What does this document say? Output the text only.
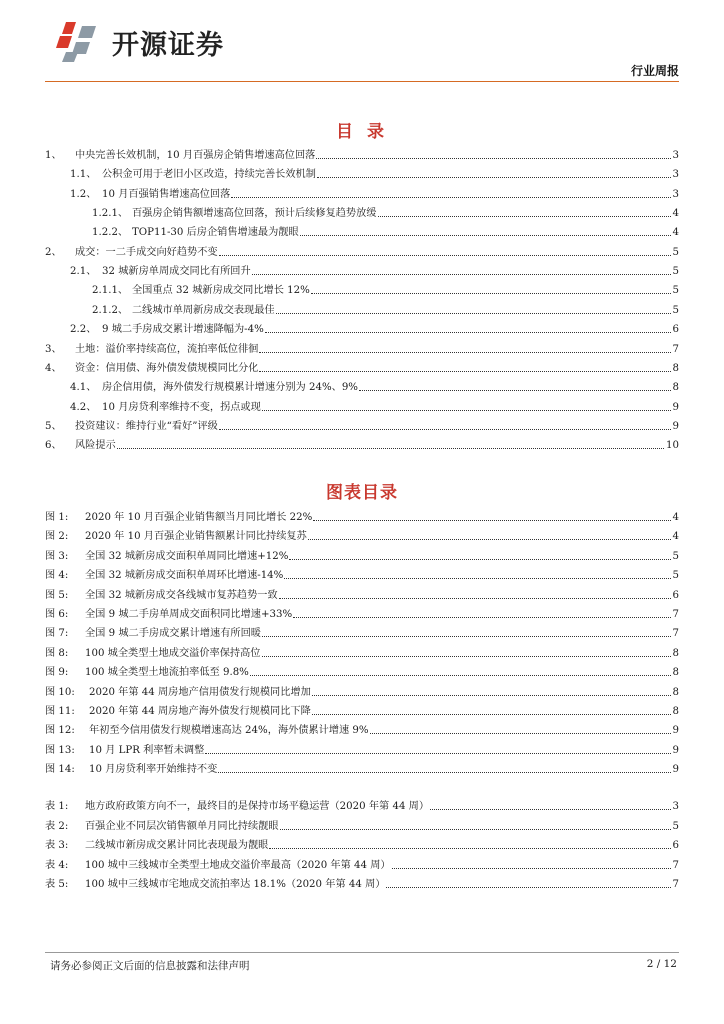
开源证券
行业周报
目 录
1、	中央完善长效机制，10 月百强房企销售增速高位回落	3
1.1、 公积金可用于老旧小区改造，持续完善长效机制	3
1.2、 10 月百强销售增速高位回落	3
1.2.1、 百强房企销售额增速高位回落，预计后续修复趋势放缓	4
1.2.2、 TOP11-30 后房企销售增速最为靓眼	4
2、	成交：一二手成交向好趋势不变	5
2.1、 32 城新房单周成交同比有所回升	5
2.1.1、 全国重点 32 城新房成交同比增长 12%	5
2.1.2、 二线城市单周新房成交表现最佳	5
2.2、 9 城二手房成交累计增速降幅为-4%	6
3、	土地：溢价率持续高位，流拍率低位徘徊	7
4、	资金：信用债、海外债发债规模同比分化	8
4.1、 房企信用债，海外债发行规模累计增速分别为 24%、9%	8
4.2、 10 月房贷利率维持不变，拐点或现	9
5、	投资建议：维持行业“看好”评级	9
6、	风险提示	10
图表目录
图 1:	2020 年 10 月百强企业销售额当月同比增长 22%	4
图 2:	2020 年 10 月百强企业销售额累计同比持续复苏	4
图 3:	全国 32 城新房成交面积单周同比增速+12%	5
图 4:	全国 32 城新房成交面积单周环比增速-14%	5
图 5:	全国 32 城新房成交各线城市复苏趋势一致	6
图 6:	全国 9 城二手房单周成交面积同比增速+33%	7
图 7:	全国 9 城二手房成交累计增速有所回暖	7
图 8:	100 城全类型土地成交溢价率保持高位	8
图 9:	100 城全类型土地流拍率低至 9.8%	8
图 10:	2020 年第 44 周房地产信用债发行规模同比增加	8
图 11:	2020 年第 44 周房地产海外债发行规模同比下降	8
图 12:	年初至今信用债发行规模增速高达 24%，海外债累计增速 9%	9
图 13:	10 月 LPR 利率暂未调整	9
图 14:	10 月房贷利率开始维持不变	9
表 1:	地方政府政策方向不一，最终目的是保持市场平稳运营（2020 年第 44 周）	3
表 2:	百强企业不同层次销售额单月同比持续靓眼	5
表 3:	二线城市新房成交累计同比表现最为靓眼	6
表 4:	100 城中三线城市全类型土地成交溢价率最高（2020 年第 44 周）	7
表 5:	100 城中三线城市宅地成交流拍率达 18.1%（2020 年第 44 周）	7
请务必参阅正文后面的信息披露和法律声明	2 / 12
